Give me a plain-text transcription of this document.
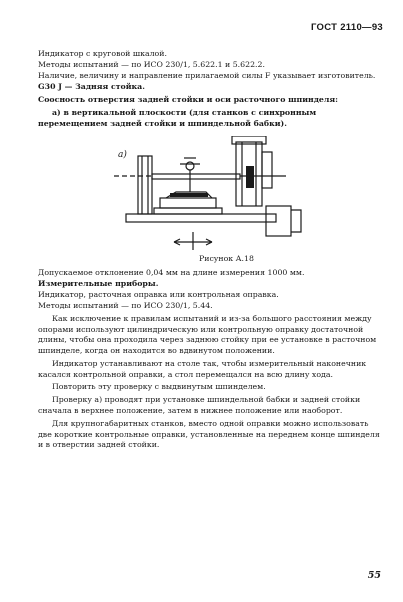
ГОСТ 2110—93
Индикатор с круговой шкалой.
Методы испытаний — по ИСО 230/1, 5.622.1 и 5.622.2.
Наличие, величину и направление прилагаемой силы F указывает изготовитель.
G30 J — Задняя стойка.
Соосность отверстия задней стойки и оси расточного шпинделя:
а) в вертикальной плоскости (для станков с синхронным перемещением задней стойки и шпиндельной бабки).
а)
Рисунок А.18
Допускаемое отклонение 0,04 мм на длине измерения 1000 мм.
Измерительные приборы.
Индикатор, расточная оправка или контрольная оправка.
Методы испытаний — по ИСО 230/1, 5.44.
Как исключение к правилам испытаний и из-за большого расстояния между опорами используют цилиндрическую или контрольную оправку достаточной длины, чтобы она проходила через заднюю стойку при ее установке в расточном шпинделе, когда он находится во вдвинутом положении.
Индикатор устанавливают на столе так, чтобы измерительный наконечник касался контрольной оправки, а стол перемещался на всю длину хода.
Повторить эту проверку с выдвинутым шпинделем.
Проверку а) проводят при установке шпиндельной бабки и задней стойки сначала в верхнее положение, затем в нижнее положение или наоборот.
Для крупногабаритных станков, вместо одной оправки можно использовать две короткие контрольные оправки, установленные на переднем конце шпинделя и в отверстии задней стойки.
55
